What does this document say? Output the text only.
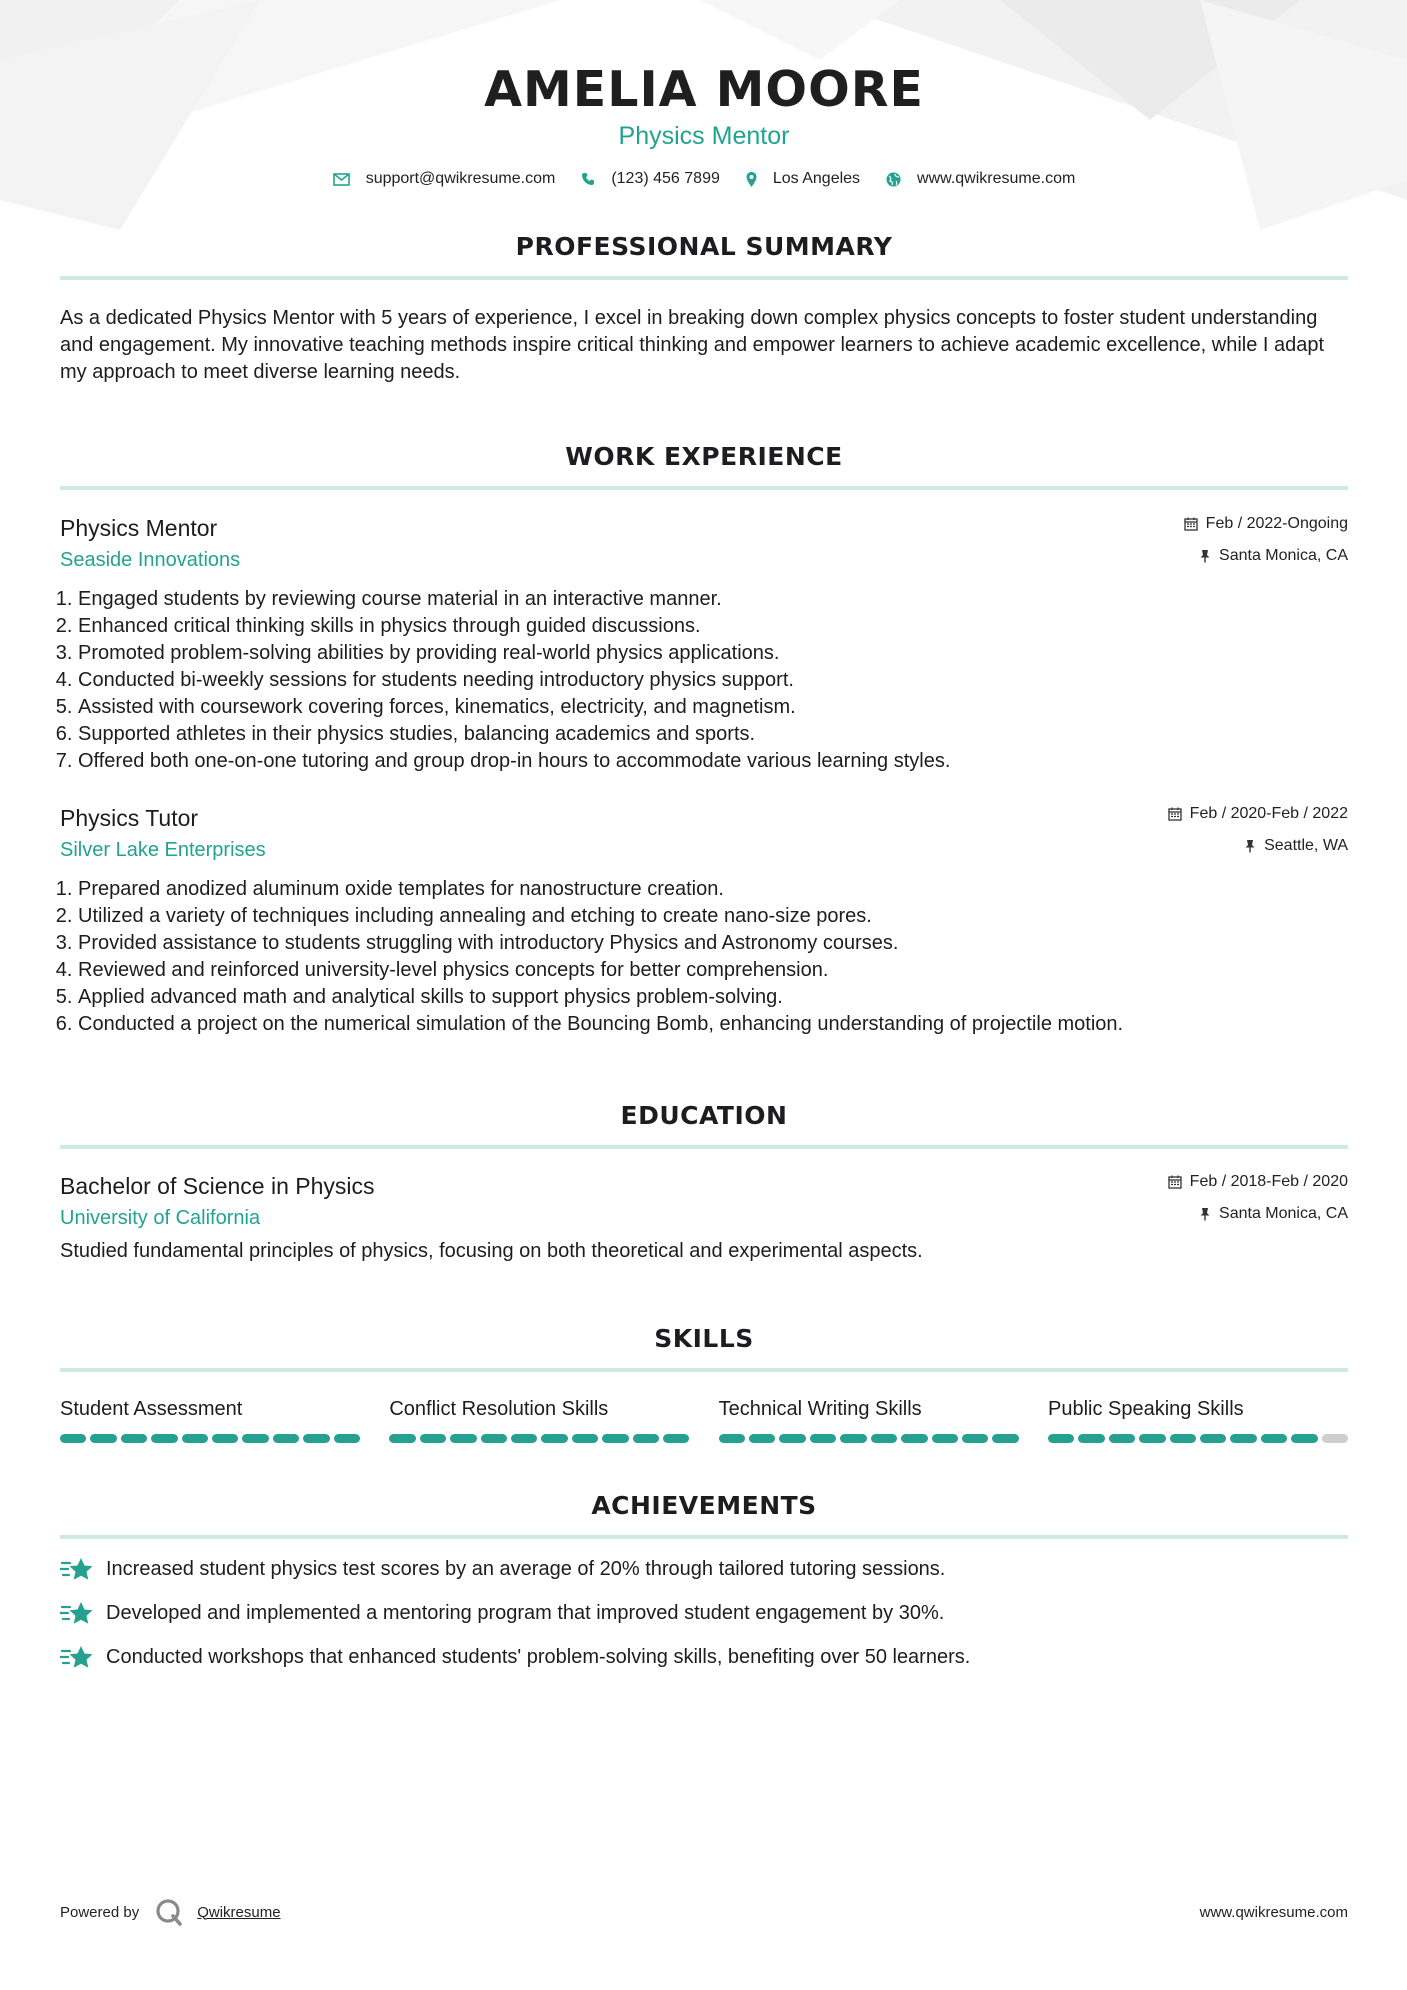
AMELIA MOORE
Physics Mentor
support@qwikresume.com	(123) 456 7899	Los Angeles	www.qwikresume.com
PROFESSIONAL SUMMARY
As a dedicated Physics Mentor with 5 years of experience, I excel in breaking down complex physics concepts to foster student understanding and engagement. My innovative teaching methods inspire critical thinking and empower learners to achieve academic excellence, while I adapt my approach to meet diverse learning needs.
WORK EXPERIENCE
Physics Mentor
Seaside Innovations
Feb / 2022-Ongoing
Santa Monica, CA
1. Engaged students by reviewing course material in an interactive manner.
2. Enhanced critical thinking skills in physics through guided discussions.
3. Promoted problem-solving abilities by providing real-world physics applications.
4. Conducted bi-weekly sessions for students needing introductory physics support.
5. Assisted with coursework covering forces, kinematics, electricity, and magnetism.
6. Supported athletes in their physics studies, balancing academics and sports.
7. Offered both one-on-one tutoring and group drop-in hours to accommodate various learning styles.
Physics Tutor
Silver Lake Enterprises
Feb / 2020-Feb / 2022
Seattle, WA
1. Prepared anodized aluminum oxide templates for nanostructure creation.
2. Utilized a variety of techniques including annealing and etching to create nano-size pores.
3. Provided assistance to students struggling with introductory Physics and Astronomy courses.
4. Reviewed and reinforced university-level physics concepts for better comprehension.
5. Applied advanced math and analytical skills to support physics problem-solving.
6. Conducted a project on the numerical simulation of the Bouncing Bomb, enhancing understanding of projectile motion.
EDUCATION
Bachelor of Science in Physics
University of California
Feb / 2018-Feb / 2020
Santa Monica, CA
Studied fundamental principles of physics, focusing on both theoretical and experimental aspects.
SKILLS
Student Assessment	Conflict Resolution Skills	Technical Writing Skills	Public Speaking Skills
ACHIEVEMENTS
Increased student physics test scores by an average of 20% through tailored tutoring sessions.
Developed and implemented a mentoring program that improved student engagement by 30%.
Conducted workshops that enhanced students' problem-solving skills, benefiting over 50 learners.
Powered by	Qwikresume	www.qwikresume.com
